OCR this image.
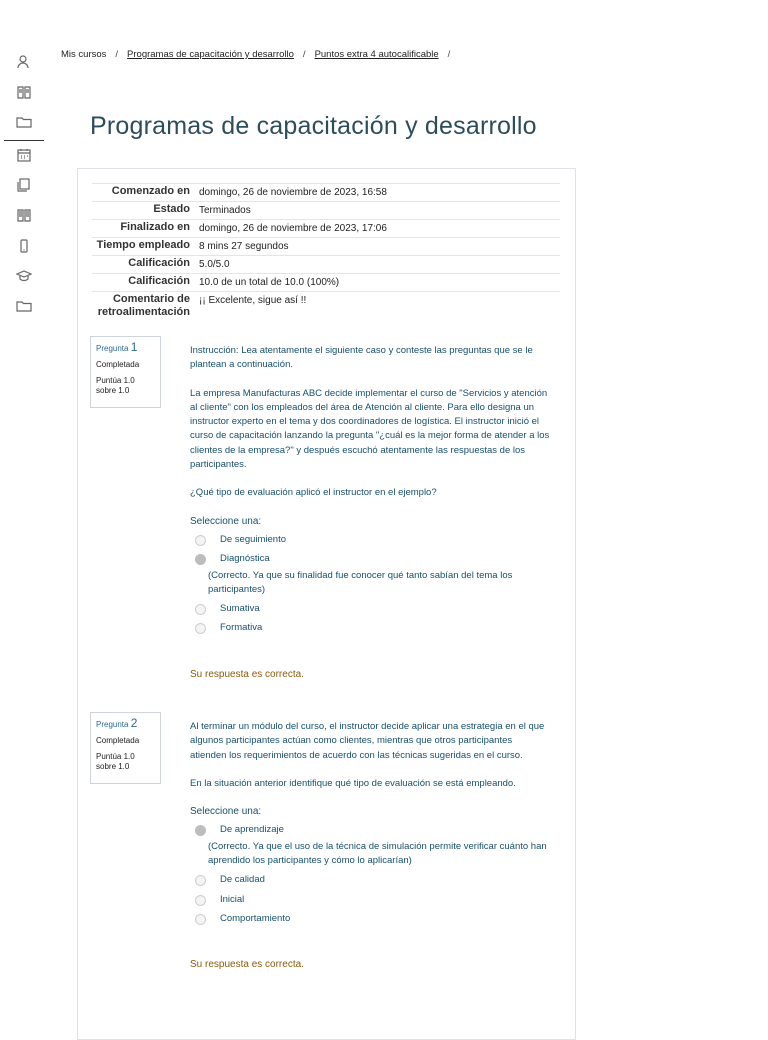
Mis cursos / Programas de capacitación y desarrollo / Puntos extra 4 autocalificable /
Programas de capacitación y desarrollo
Comenzado en domingo, 26 de noviembre de 2023, 16:58
Estado Terminados
Finalizado en domingo, 26 de noviembre de 2023, 17:06
Tiempo empleado 8 mins 27 segundos
Calificación 5.0/5.0
Calificación 10.0 de un total de 10.0 (100%)
Comentario de retroalimentación
¡¡ Excelente, sigue así !!
Pregunta 1
Completada
Puntúa 1.0 sobre 1.0

Instrucción: Lea atentamente el siguiente caso y conteste las preguntas que se le plantean a continuación.

La empresa Manufacturas ABC decide implementar el curso de "Servicios y atención al cliente" con los empleados del área de Atención al cliente. Para ello designa un instructor experto en el tema y dos coordinadores de logística. El instructor inició el curso de capacitación lanzando la pregunta "¿cuál es la mejor forma de atender a los clientes de la empresa?" y después escuchó atentamente las respuestas de los participantes.

¿Qué tipo de evaluación aplicó el instructor en el ejemplo?

Seleccione una:
De seguimiento
Diagnóstica
(Correcto. Ya que su finalidad fue conocer qué tanto sabían del tema los participantes)
Sumativa
Formativa
Su respuesta es correcta.
Pregunta 2
Completada
Puntúa 1.0 sobre 1.0

Al terminar un módulo del curso, el instructor decide aplicar una estrategia en el que algunos participantes actúan como clientes, mientras que otros participantes atienden los requerimientos de acuerdo con las técnicas sugeridas en el curso.

En la situación anterior identifique qué tipo de evaluación se está empleando.

Seleccione una:
De aprendizaje
(Correcto. Ya que el uso de la técnica de simulación permite verificar cuánto han aprendido los participantes y cómo lo aplicarían)
De calidad
Inicial
Comportamiento
Su respuesta es correcta.
